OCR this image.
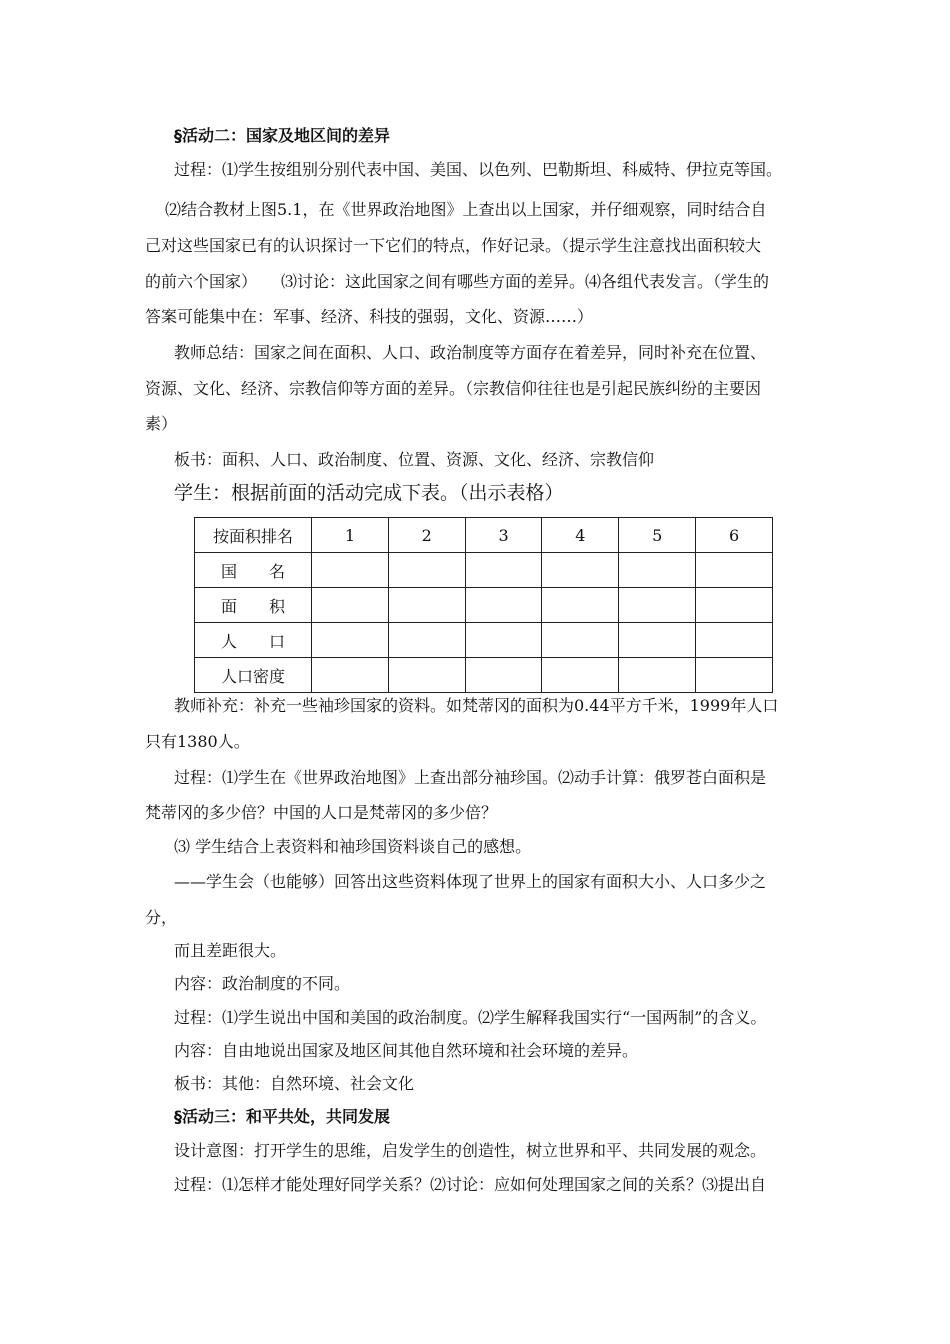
§活动二：国家及地区间的差异
过程：⑴学生按组别分别代表中国、美国、以色列、巴勒斯坦、科威特、伊拉克等国。
⑵结合教材上图5.1，在《世界政治地图》上查出以上国家，并仔细观察，同时结合自
己对这些国家已有的认识探讨一下它们的特点，作好记录。（提示学生注意找出面积较大
的前六个国家）　　⑶讨论：这此国家之间有哪些方面的差异。⑷各组代表发言。（学生的
答案可能集中在：军事、经济、科技的强弱，文化、资源……）
教师总结：国家之间在面积、人口、政治制度等方面存在着差异，同时补充在位置、
资源、文化、经济、宗教信仰等方面的差异。（宗教信仰往往也是引起民族纠纷的主要因
素）
板书：面积、人口、政治制度、位置、资源、文化、经济、宗教信仰
学生：根据前面的活动完成下表。（出示表格）
按面积排名	1	2	3	4	5	6
国　　名						
面　　积						
人　　口						
人口密度						
教师补充：补充一些袖珍国家的资料。如梵蒂冈的面积为0.44平方千米，1999年人口
只有1380人。
过程：⑴学生在《世界政治地图》上查出部分袖珍国。⑵动手计算：俄罗苍白面积是
梵蒂冈的多少倍？中国的人口是梵蒂冈的多少倍？
⑶ 学生结合上表资料和袖珍国资料谈自己的感想。
——学生会（也能够）回答出这些资料体现了世界上的国家有面积大小、人口多少之
分，
而且差距很大。
内容：政治制度的不同。
过程：⑴学生说出中国和美国的政治制度。⑵学生解释我国实行“一国两制”的含义。
内容：自由地说出国家及地区间其他自然环境和社会环境的差异。
板书：其他：自然环境、社会文化
§活动三：和平共处，共同发展
设计意图：打开学生的思维，启发学生的创造性，树立世界和平、共同发展的观念。
过程：⑴怎样才能处理好同学关系？⑵讨论：应如何处理国家之间的关系？⑶提出自
